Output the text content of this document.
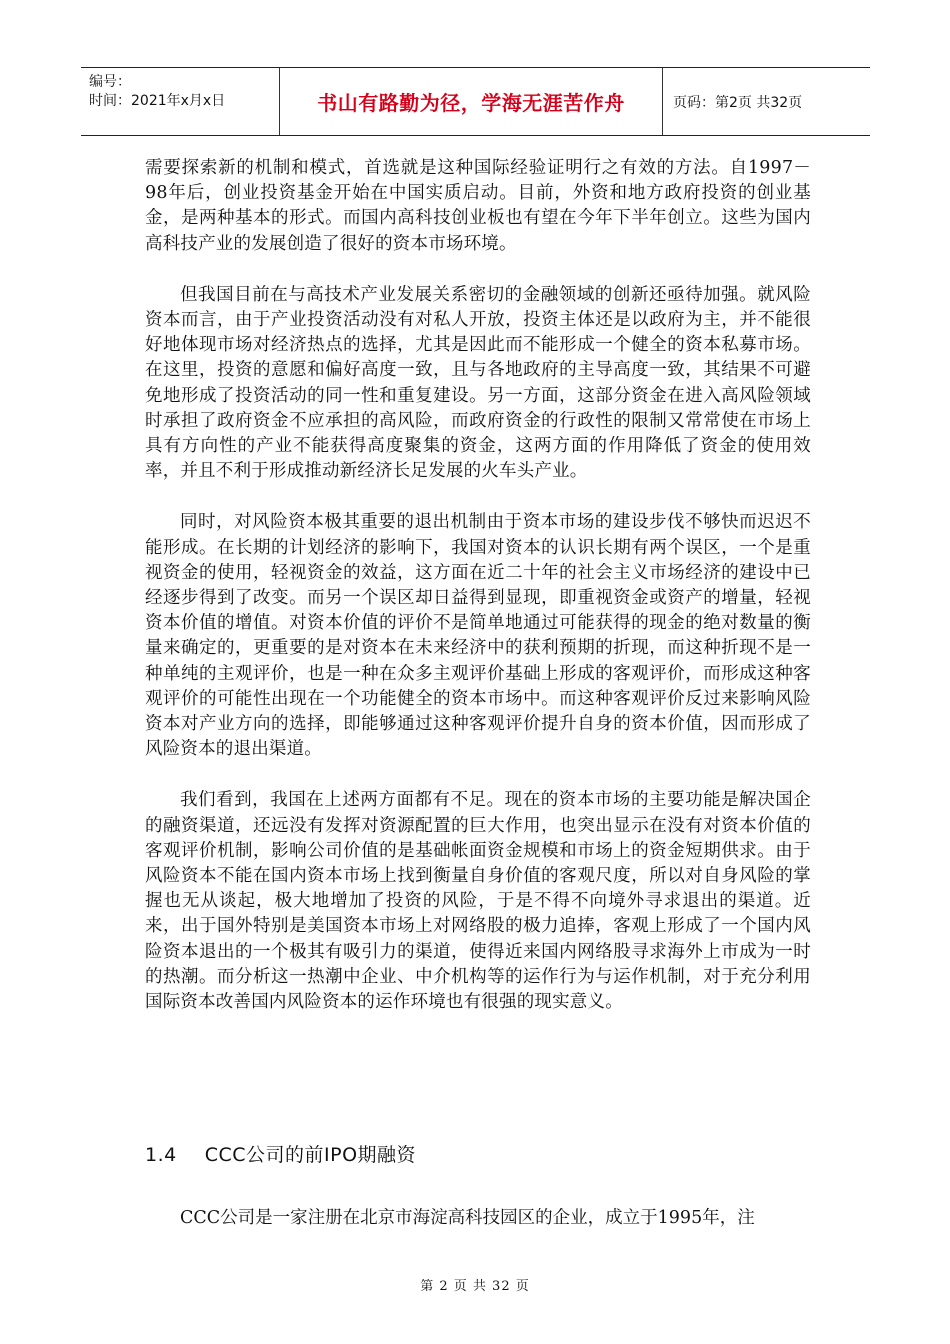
编号：
时间：2021年x月x日	书山有路勤为径，学海无涯苦作舟	页码：第2页 共32页

需要探索新的机制和模式，首选就是这种国际经验证明行之有效的方法。自1997－98年后，创业投资基金开始在中国实质启动。目前，外资和地方政府投资的创业基金，是两种基本的形式。而国内高科技创业板也有望在今年下半年创立。这些为国内高科技产业的发展创造了很好的资本市场环境。

但我国目前在与高技术产业发展关系密切的金融领域的创新还亟待加强。就风险资本而言，由于产业投资活动没有对私人开放，投资主体还是以政府为主，并不能很好地体现市场对经济热点的选择，尤其是因此而不能形成一个健全的资本私募市场。在这里，投资的意愿和偏好高度一致，且与各地政府的主导高度一致，其结果不可避免地形成了投资活动的同一性和重复建设。另一方面，这部分资金在进入高风险领域时承担了政府资金不应承担的高风险，而政府资金的行政性的限制又常常使在市场上具有方向性的产业不能获得高度聚集的资金，这两方面的作用降低了资金的使用效率，并且不利于形成推动新经济长足发展的火车头产业。

同时，对风险资本极其重要的退出机制由于资本市场的建设步伐不够快而迟迟不能形成。在长期的计划经济的影响下，我国对资本的认识长期有两个误区，一个是重视资金的使用，轻视资金的效益，这方面在近二十年的社会主义市场经济的建设中已经逐步得到了改变。而另一个误区却日益得到显现，即重视资金或资产的增量，轻视资本价值的增值。对资本价值的评价不是简单地通过可能获得的现金的绝对数量的衡量来确定的，更重要的是对资本在未来经济中的获利预期的折现，而这种折现不是一种单纯的主观评价，也是一种在众多主观评价基础上形成的客观评价，而形成这种客观评价的可能性出现在一个功能健全的资本市场中。而这种客观评价反过来影响风险资本对产业方向的选择，即能够通过这种客观评价提升自身的资本价值，因而形成了风险资本的退出渠道。

我们看到，我国在上述两方面都有不足。现在的资本市场的主要功能是解决国企的融资渠道，还远没有发挥对资源配置的巨大作用，也突出显示在没有对资本价值的客观评价机制，影响公司价值的是基础帐面资金规模和市场上的资金短期供求。由于风险资本不能在国内资本市场上找到衡量自身价值的客观尺度，所以对自身风险的掌握也无从谈起，极大地增加了投资的风险，于是不得不向境外寻求退出的渠道。近来，出于国外特别是美国资本市场上对网络股的极力追捧，客观上形成了一个国内风险资本退出的一个极其有吸引力的渠道，使得近来国内网络股寻求海外上市成为一时的热潮。而分析这一热潮中企业、中介机构等的运作行为与运作机制，对于充分利用国际资本改善国内风险资本的运作环境也有很强的现实意义。

1.4 CCC公司的前IPO期融资

CCC公司是一家注册在北京市海淀高科技园区的企业，成立于1995年，注

第 2 页 共 32 页
